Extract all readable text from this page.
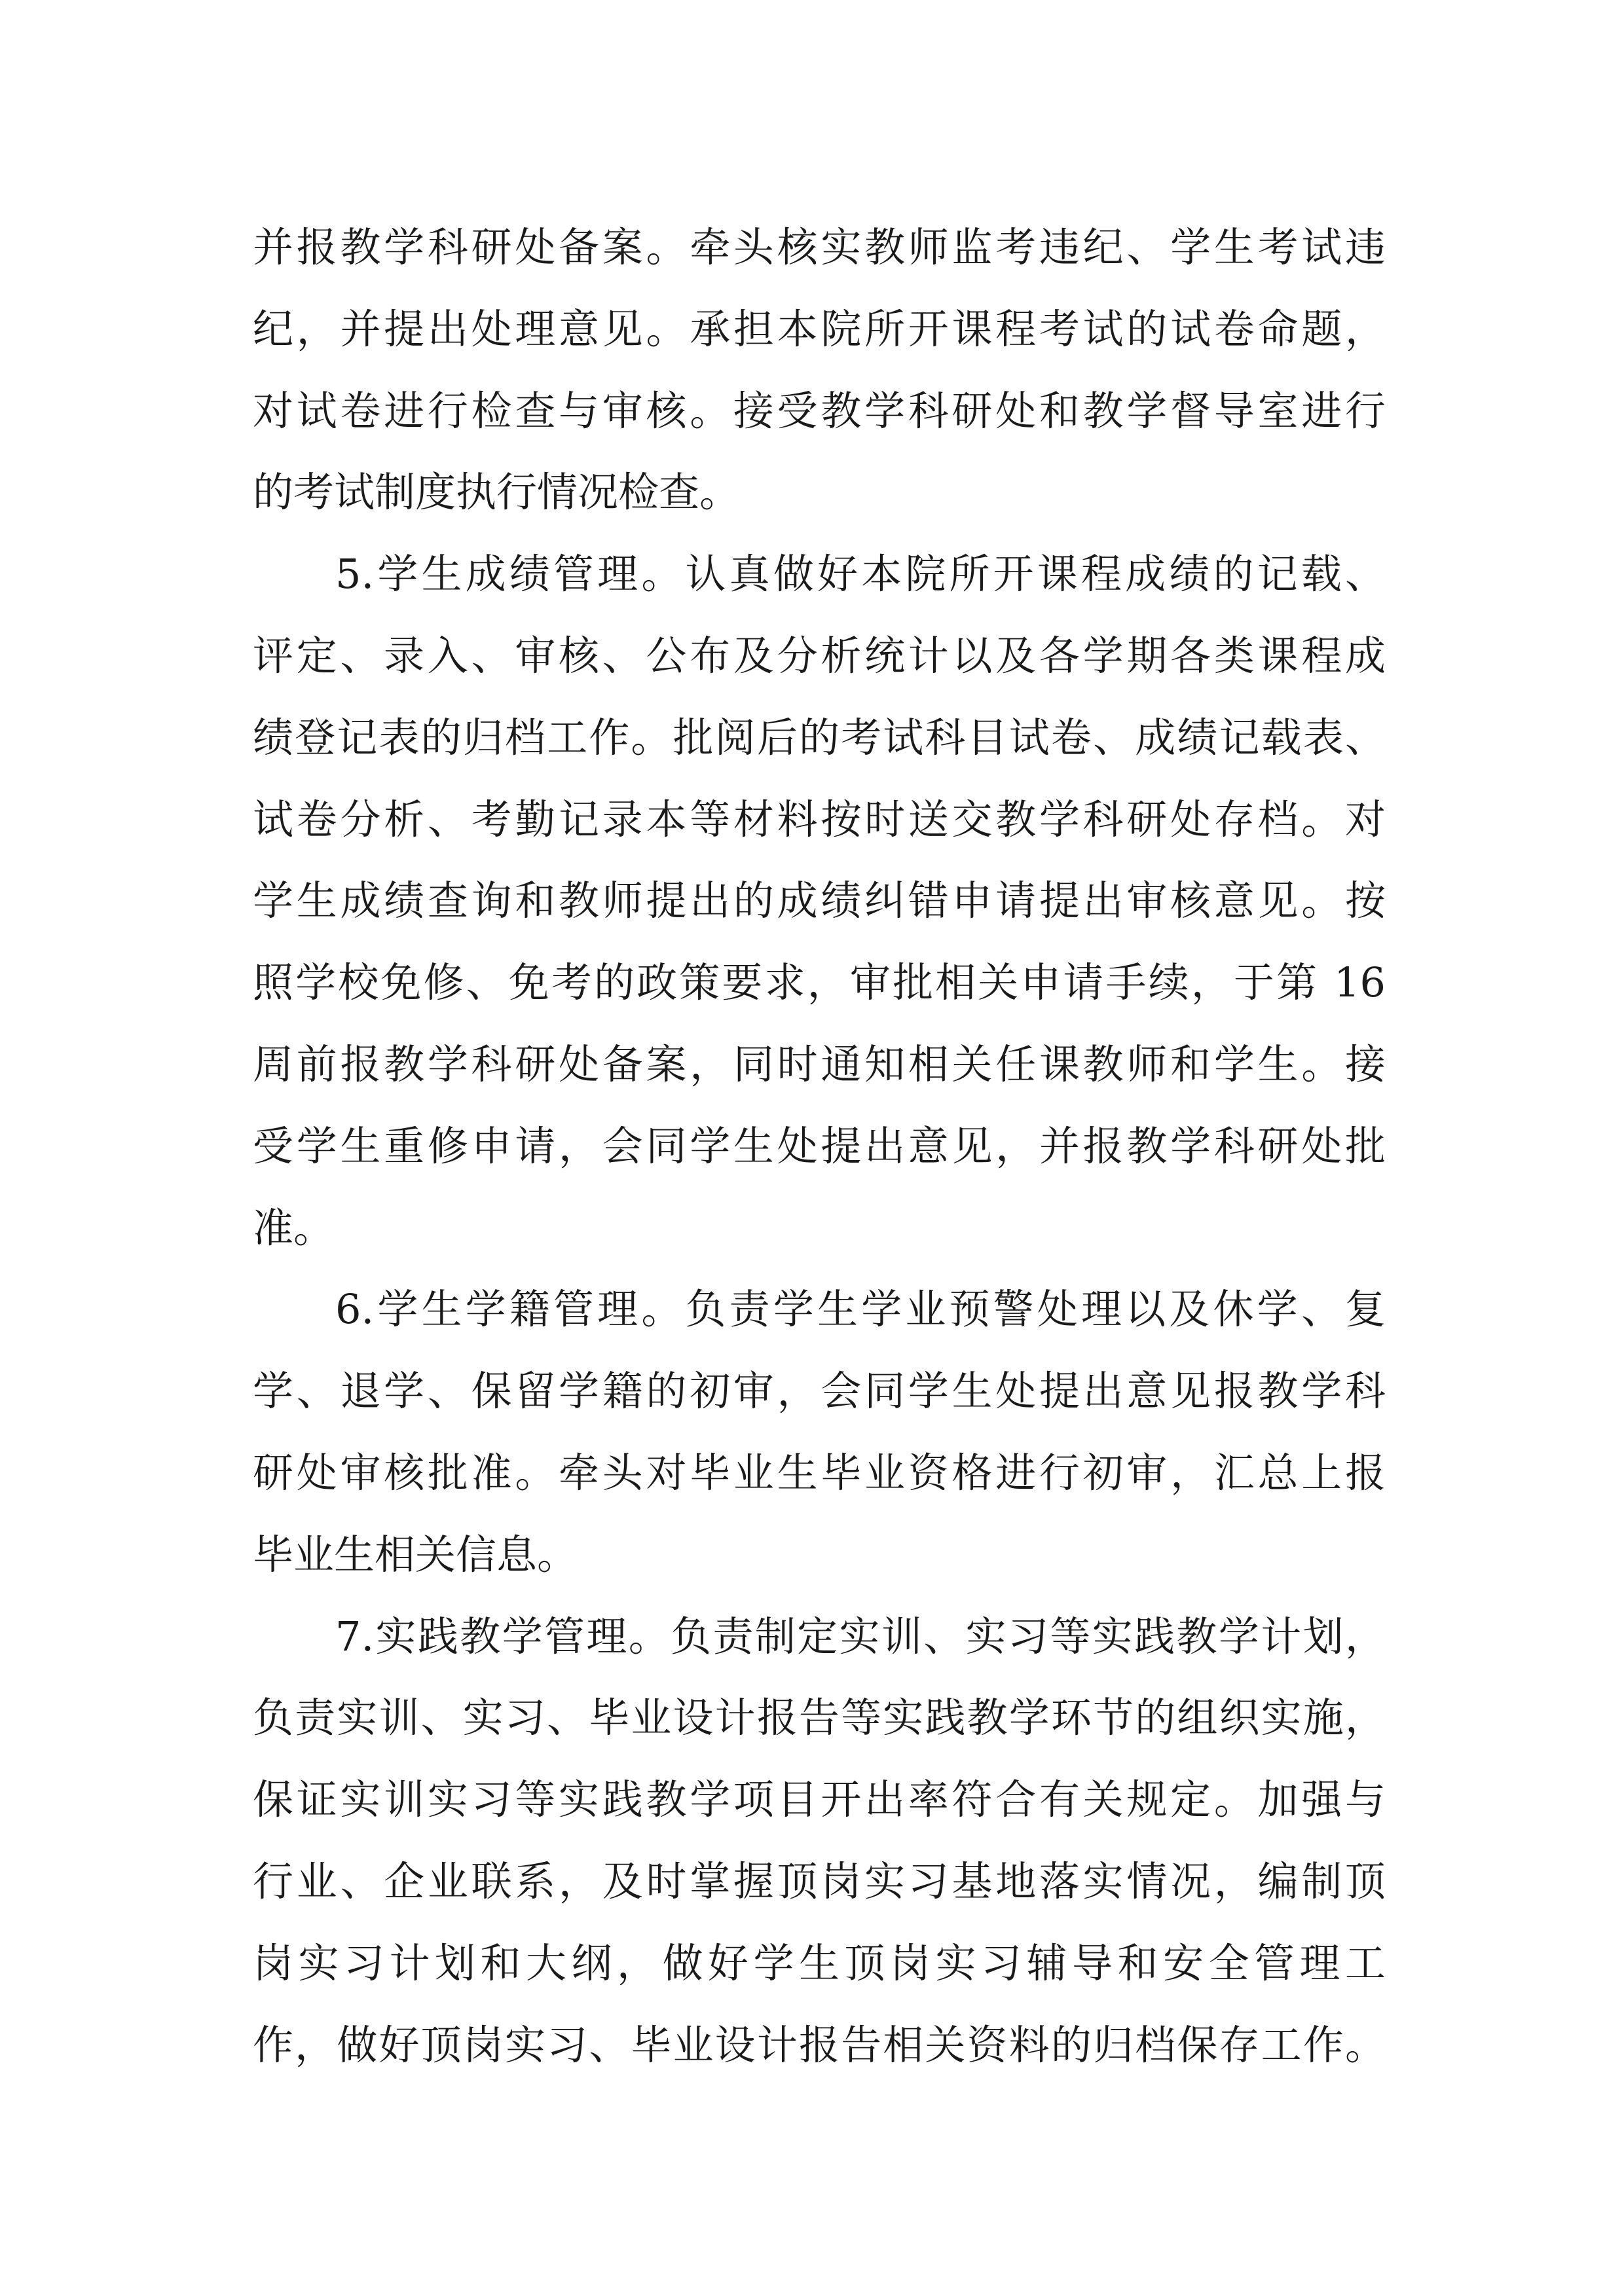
并报教学科研处备案。牵头核实教师监考违纪、学生考试违
纪，并提出处理意见。承担本院所开课程考试的试卷命题，
对试卷进行检查与审核。接受教学科研处和教学督导室进行
的考试制度执行情况检查。
5.学生成绩管理。认真做好本院所开课程成绩的记载、
评定、录入、审核、公布及分析统计以及各学期各类课程成
绩登记表的归档工作。批阅后的考试科目试卷、成绩记载表、
试卷分析、考勤记录本等材料按时送交教学科研处存档。对
学生成绩查询和教师提出的成绩纠错申请提出审核意见。按
照学校免修、免考的政策要求，审批相关申请手续，于第 16
周前报教学科研处备案，同时通知相关任课教师和学生。接
受学生重修申请，会同学生处提出意见，并报教学科研处批
准。
6.学生学籍管理。负责学生学业预警处理以及休学、复
学、退学、保留学籍的初审，会同学生处提出意见报教学科
研处审核批准。牵头对毕业生毕业资格进行初审，汇总上报
毕业生相关信息。
7.实践教学管理。负责制定实训、实习等实践教学计划，
负责实训、实习、毕业设计报告等实践教学环节的组织实施，
保证实训实习等实践教学项目开出率符合有关规定。加强与
行业、企业联系，及时掌握顶岗实习基地落实情况，编制顶
岗实习计划和大纲，做好学生顶岗实习辅导和安全管理工
作，做好顶岗实习、毕业设计报告相关资料的归档保存工作。
